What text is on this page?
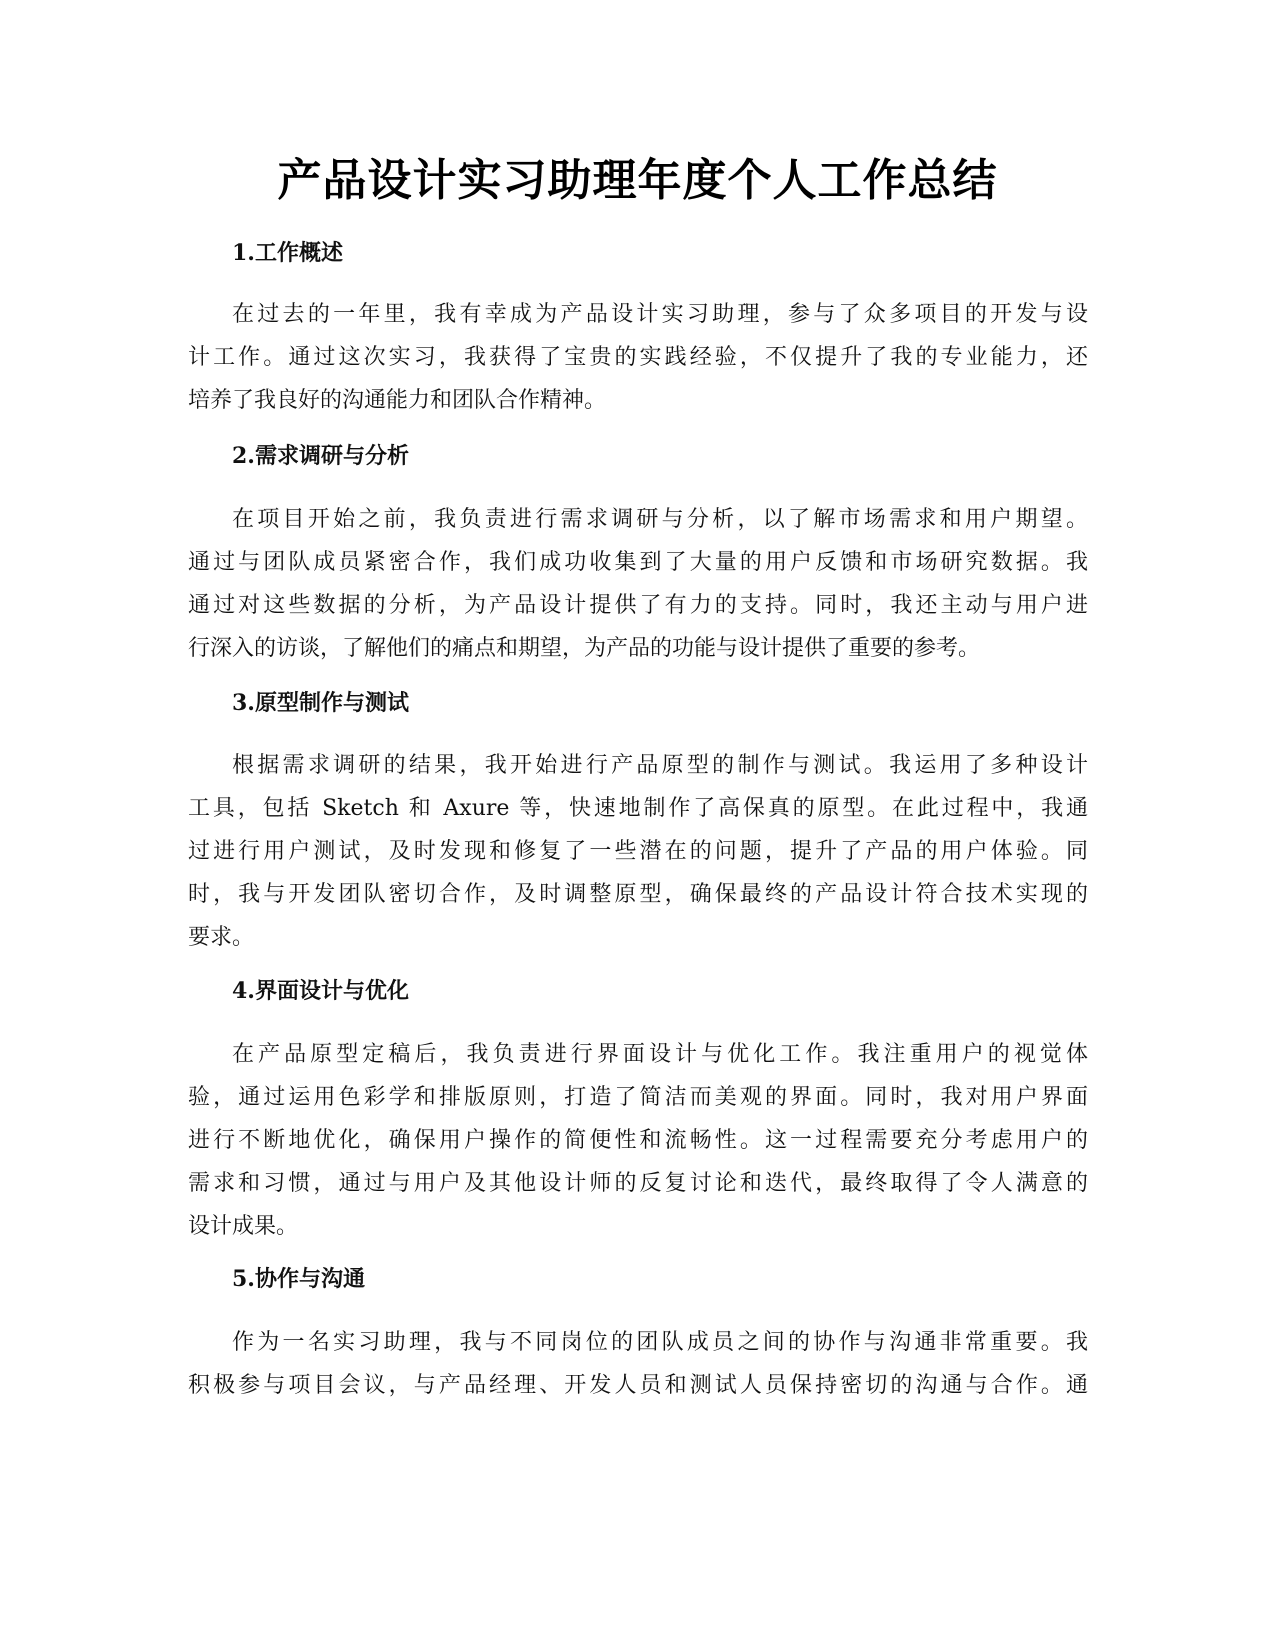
产品设计实习助理年度个人工作总结
1.工作概述
在过去的一年里，我有幸成为产品设计实习助理，参与了众多项目的开发与设
计工作。通过这次实习，我获得了宝贵的实践经验，不仅提升了我的专业能力，还
培养了我良好的沟通能力和团队合作精神。
2.需求调研与分析
在项目开始之前，我负责进行需求调研与分析，以了解市场需求和用户期望。
通过与团队成员紧密合作，我们成功收集到了大量的用户反馈和市场研究数据。我
通过对这些数据的分析，为产品设计提供了有力的支持。同时，我还主动与用户进
行深入的访谈，了解他们的痛点和期望，为产品的功能与设计提供了重要的参考。
3.原型制作与测试
根据需求调研的结果，我开始进行产品原型的制作与测试。我运用了多种设计
工具，包括 Sketch 和 Axure 等，快速地制作了高保真的原型。在此过程中，我通
过进行用户测试，及时发现和修复了一些潜在的问题，提升了产品的用户体验。同
时，我与开发团队密切合作，及时调整原型，确保最终的产品设计符合技术实现的
要求。
4.界面设计与优化
在产品原型定稿后，我负责进行界面设计与优化工作。我注重用户的视觉体
验，通过运用色彩学和排版原则，打造了简洁而美观的界面。同时，我对用户界面
进行不断地优化，确保用户操作的简便性和流畅性。这一过程需要充分考虑用户的
需求和习惯，通过与用户及其他设计师的反复讨论和迭代，最终取得了令人满意的
设计成果。
5.协作与沟通
作为一名实习助理，我与不同岗位的团队成员之间的协作与沟通非常重要。我
积极参与项目会议，与产品经理、开发人员和测试人员保持密切的沟通与合作。通
